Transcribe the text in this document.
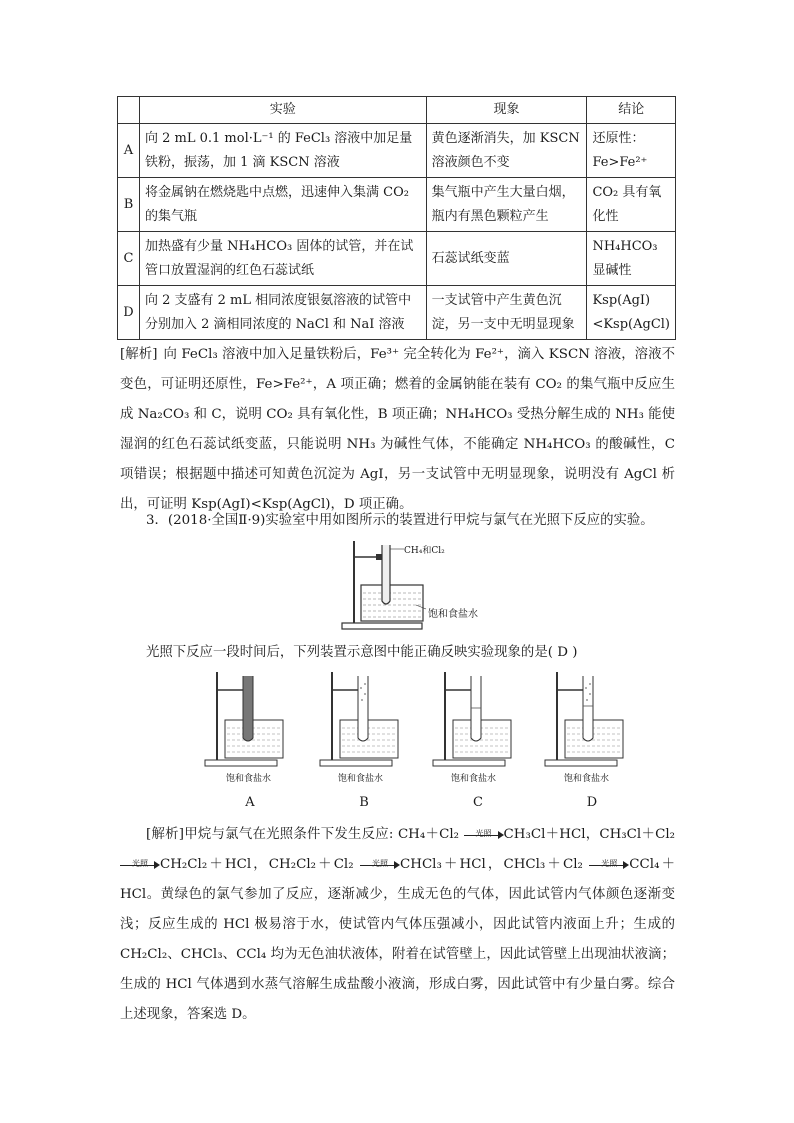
	实验	现象	结论
A	向 2 mL 0.1 mol·L⁻¹ 的 FeCl₃ 溶液中加足量铁粉，振荡，加 1 滴 KSCN 溶液	黄色逐渐消失，加 KSCN 溶液颜色不变	还原性：Fe>Fe²⁺
B	将金属钠在燃烧匙中点燃，迅速伸入集满 CO₂ 的集气瓶	集气瓶中产生大量白烟，瓶内有黑色颗粒产生	CO₂ 具有氧化性
C	加热盛有少量 NH₄HCO₃ 固体的试管，并在试管口放置湿润的红色石蕊试纸	石蕊试纸变蓝	NH₄HCO₃ 显碱性
D	向 2 支盛有 2 mL 相同浓度银氨溶液的试管中分别加入 2 滴相同浓度的 NaCl 和 NaI 溶液	一支试管中产生黄色沉淀，另一支中无明显现象	Ksp(AgI)<Ksp(AgCl)
[解析] 向 FeCl₃ 溶液中加入足量铁粉后，Fe³⁺ 完全转化为 Fe²⁺，滴入 KSCN 溶液，溶液不变色，可证明还原性，Fe>Fe²⁺，A 项正确；燃着的金属钠能在装有 CO₂ 的集气瓶中反应生成 Na₂CO₃ 和 C，说明 CO₂ 具有氧化性，B 项正确；NH₄HCO₃ 受热分解生成的 NH₃ 能使湿润的红色石蕊试纸变蓝，只能说明 NH₃ 为碱性气体，不能确定 NH₄HCO₃ 的酸碱性，C 项错误；根据题中描述可知黄色沉淀为 AgI，另一支试管中无明显现象，说明没有 AgCl 析出，可证明 Ksp(AgI)<Ksp(AgCl)，D 项正确。
3．(2018·全国Ⅱ·9)实验室中用如图所示的装置进行甲烷与氯气在光照下反应的实验。
CH₄和Cl₂
饱和食盐水
光照下反应一段时间后，下列装置示意图中能正确反映实验现象的是( D )
饱和食盐水	饱和食盐水	饱和食盐水	饱和食盐水
A	B	C	D
[解析]甲烷与氯气在光照条件下发生反应: CH₄＋Cl₂	光照 CH₃Cl＋HCl，CH₃Cl＋Cl₂
光照 CH₂Cl₂＋HCl，CH₂Cl₂＋Cl₂	光照 CHCl₃＋HCl，CHCl₃＋Cl₂	光照 CCl₄＋HCl。黄绿色的氯气参加了反应，逐渐减少，生成无色的气体，因此试管内气体颜色逐渐变浅；反应生成的 HCl 极易溶于水，使试管内气体压强减小，因此试管内液面上升；生成的 CH₂Cl₂、CHCl₃、CCl₄ 均为无色油状液体，附着在试管壁上，因此试管壁上出现油状液滴；生成的 HCl 气体遇到水蒸气溶解生成盐酸小液滴，形成白雾，因此试管中有少量白雾。综合上述现象，答案选 D。
